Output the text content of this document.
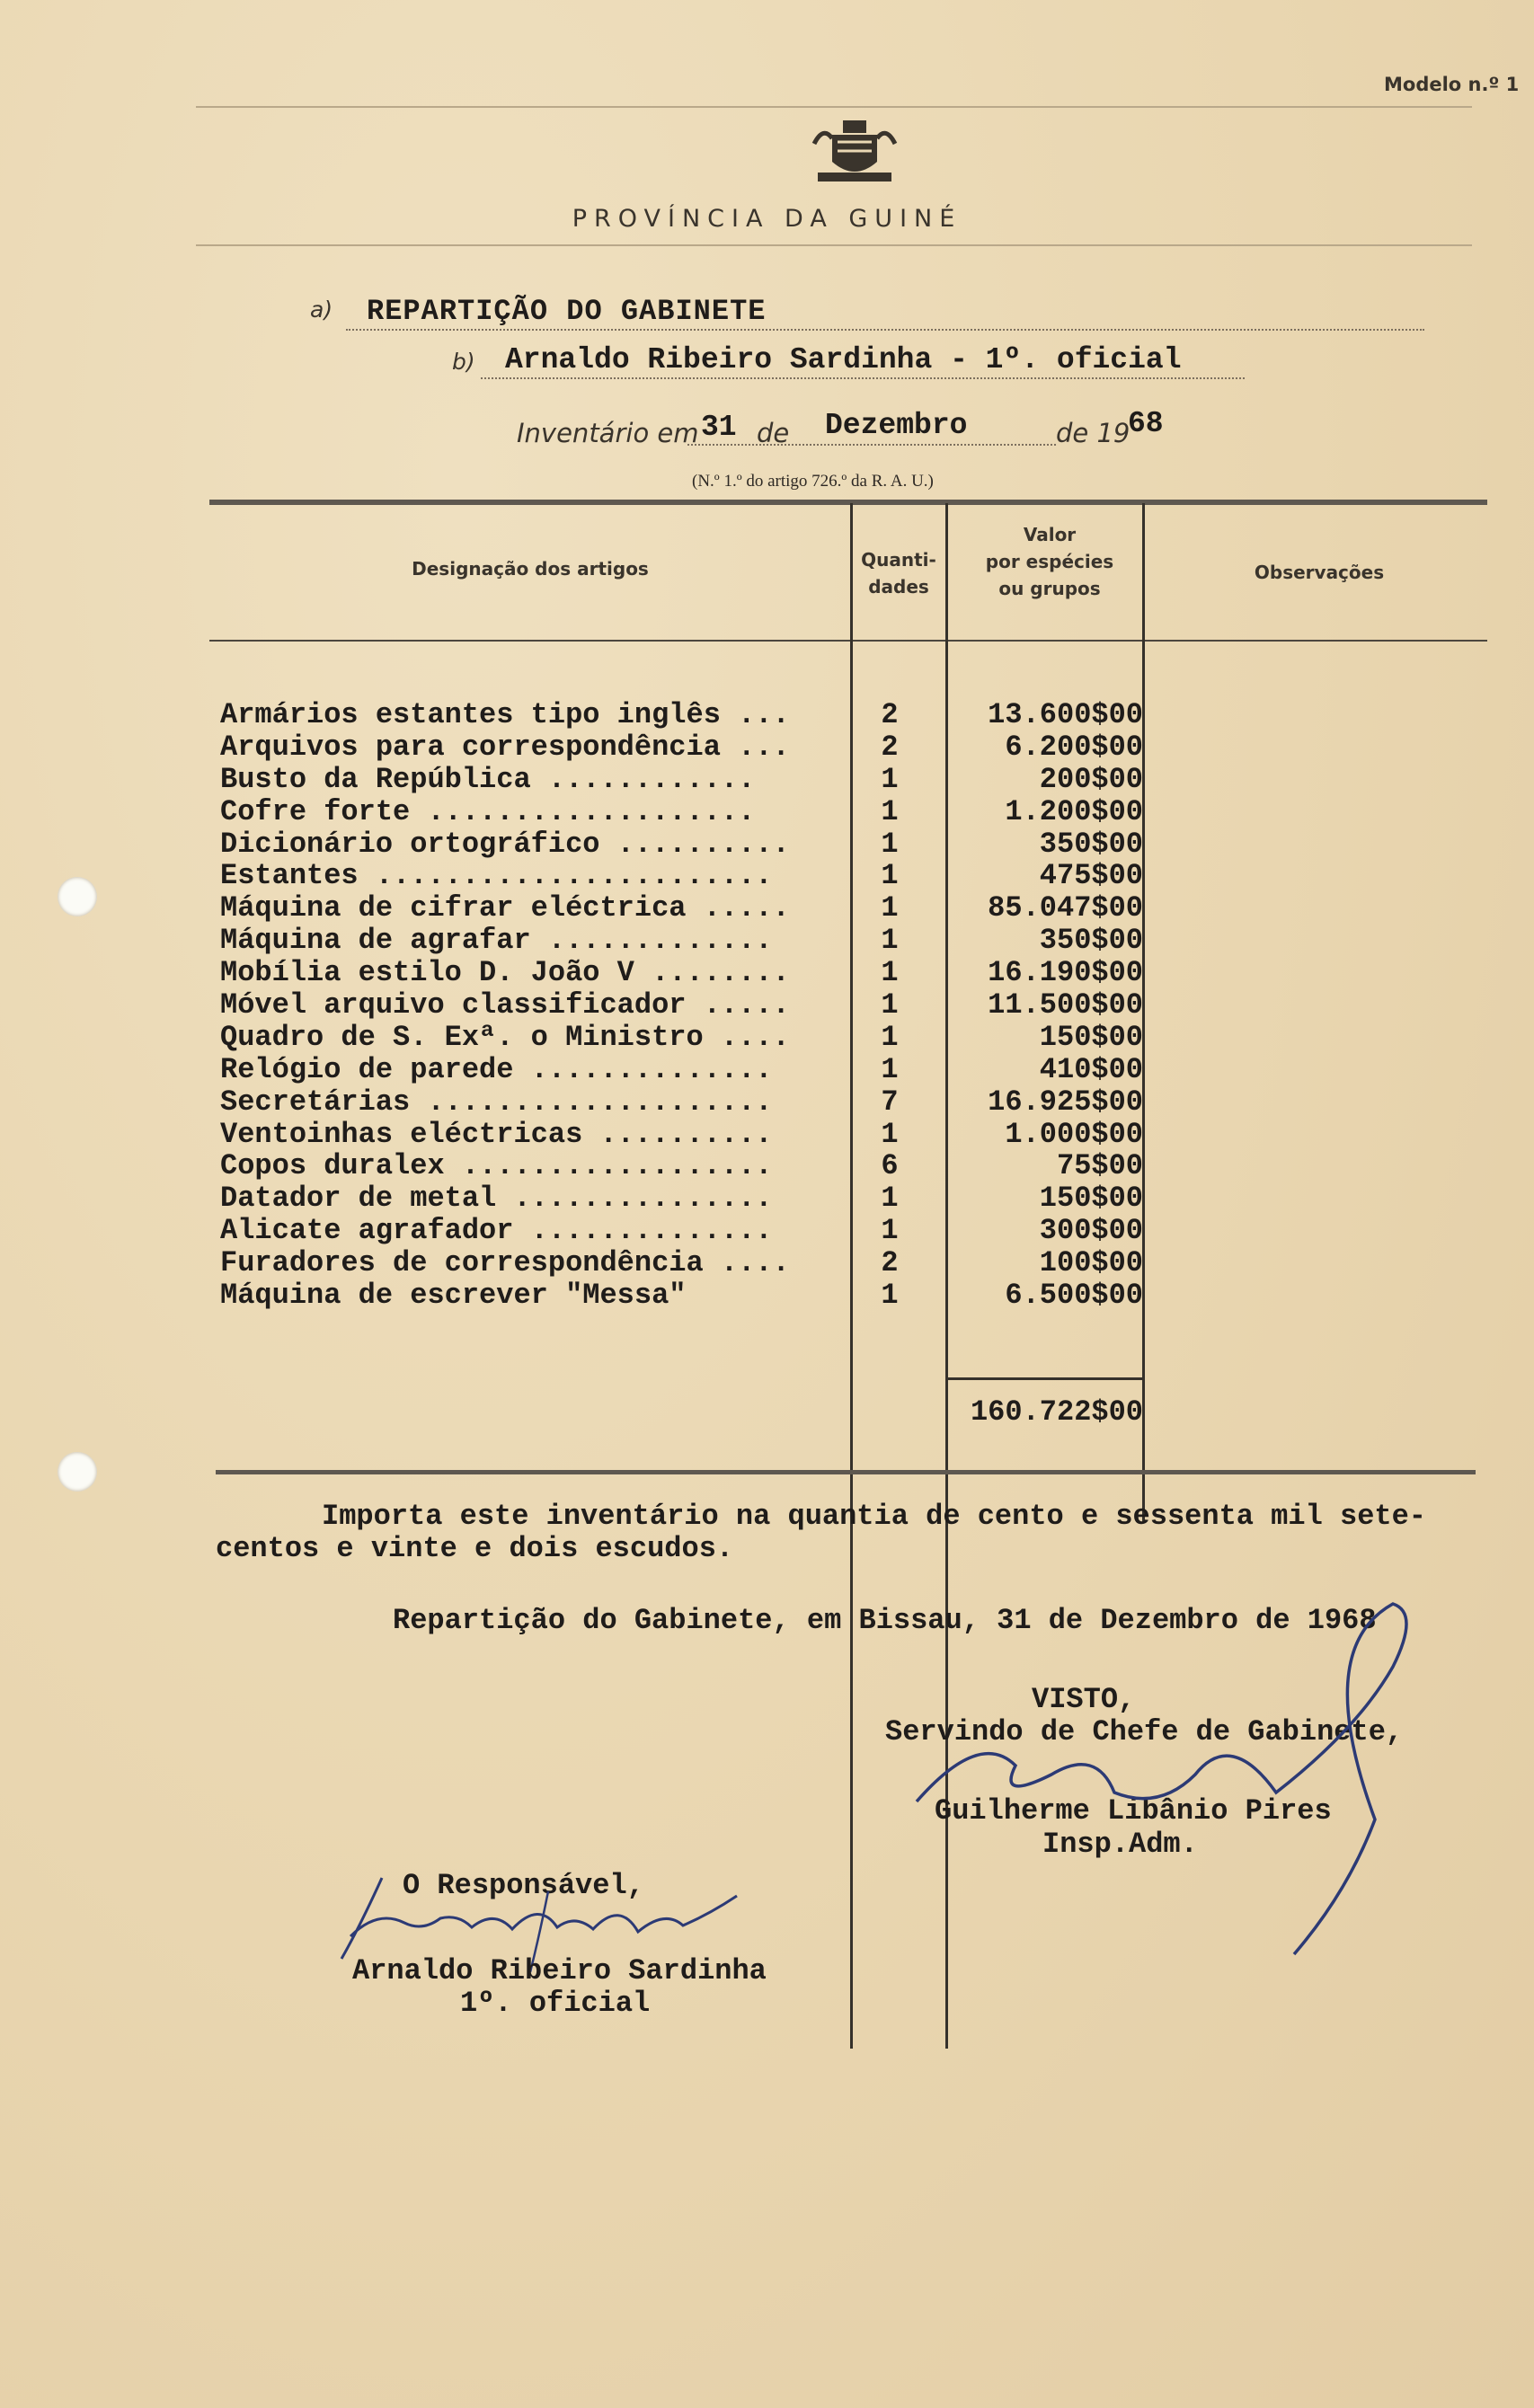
Modelo n.º 1
PROVÍNCIA DA GUINÉ
a) REPARTIÇÃO DO GABINETE
b) Arnaldo Ribeiro Sardinha - 1º. oficial
Inventário em 31 de Dezembro	de 19
68
(N.º 1.º do artigo 726.º da R. A. U.)
Designação dos artigos	Quanti-
dades
Valor
por espécies
ou grupos
Observações
Armários estantes tipo inglês ...
Arquivos para correspondência ...
Busto da República ............
Cofre forte ...................
Dicionário ortográfico ..........
Estantes .......................
Máquina de cifrar eléctrica .....
Máquina de agrafar .............
Mobília estilo D. João V ........
Móvel arquivo classificador .....
Quadro de S. Exª. o Ministro ....
Relógio de parede ..............
Secretárias ....................
Ventoinhas eléctricas ..........
Copos duralex ..................
Datador de metal ...............
Alicate agrafador ..............
Furadores de correspondência ....
Máquina de escrever "Messa"
2
2
1
1
1
1
1
1
1
1
1
1
7
1
6
1
1
2
1
13.600$00
6.200$00
200$00
1.200$00
350$00
475$00
85.047$00
350$00
16.190$00
11.500$00
150$00
410$00
16.925$00
1.000$00
75$00
150$00
300$00
100$00
6.500$00
160.722$00
Importa este inventário na quantia de cento e sessenta mil sete-
centos e vinte e dois escudos.
Repartição do Gabinete, em Bissau, 31 de Dezembro de 1968
VISTO,
Servindo de Chefe de Gabinete,
Guilherme Libânio Pires
Insp.Adm.
O Responsável,
Arnaldo Ribeiro Sardinha
1º. oficial
